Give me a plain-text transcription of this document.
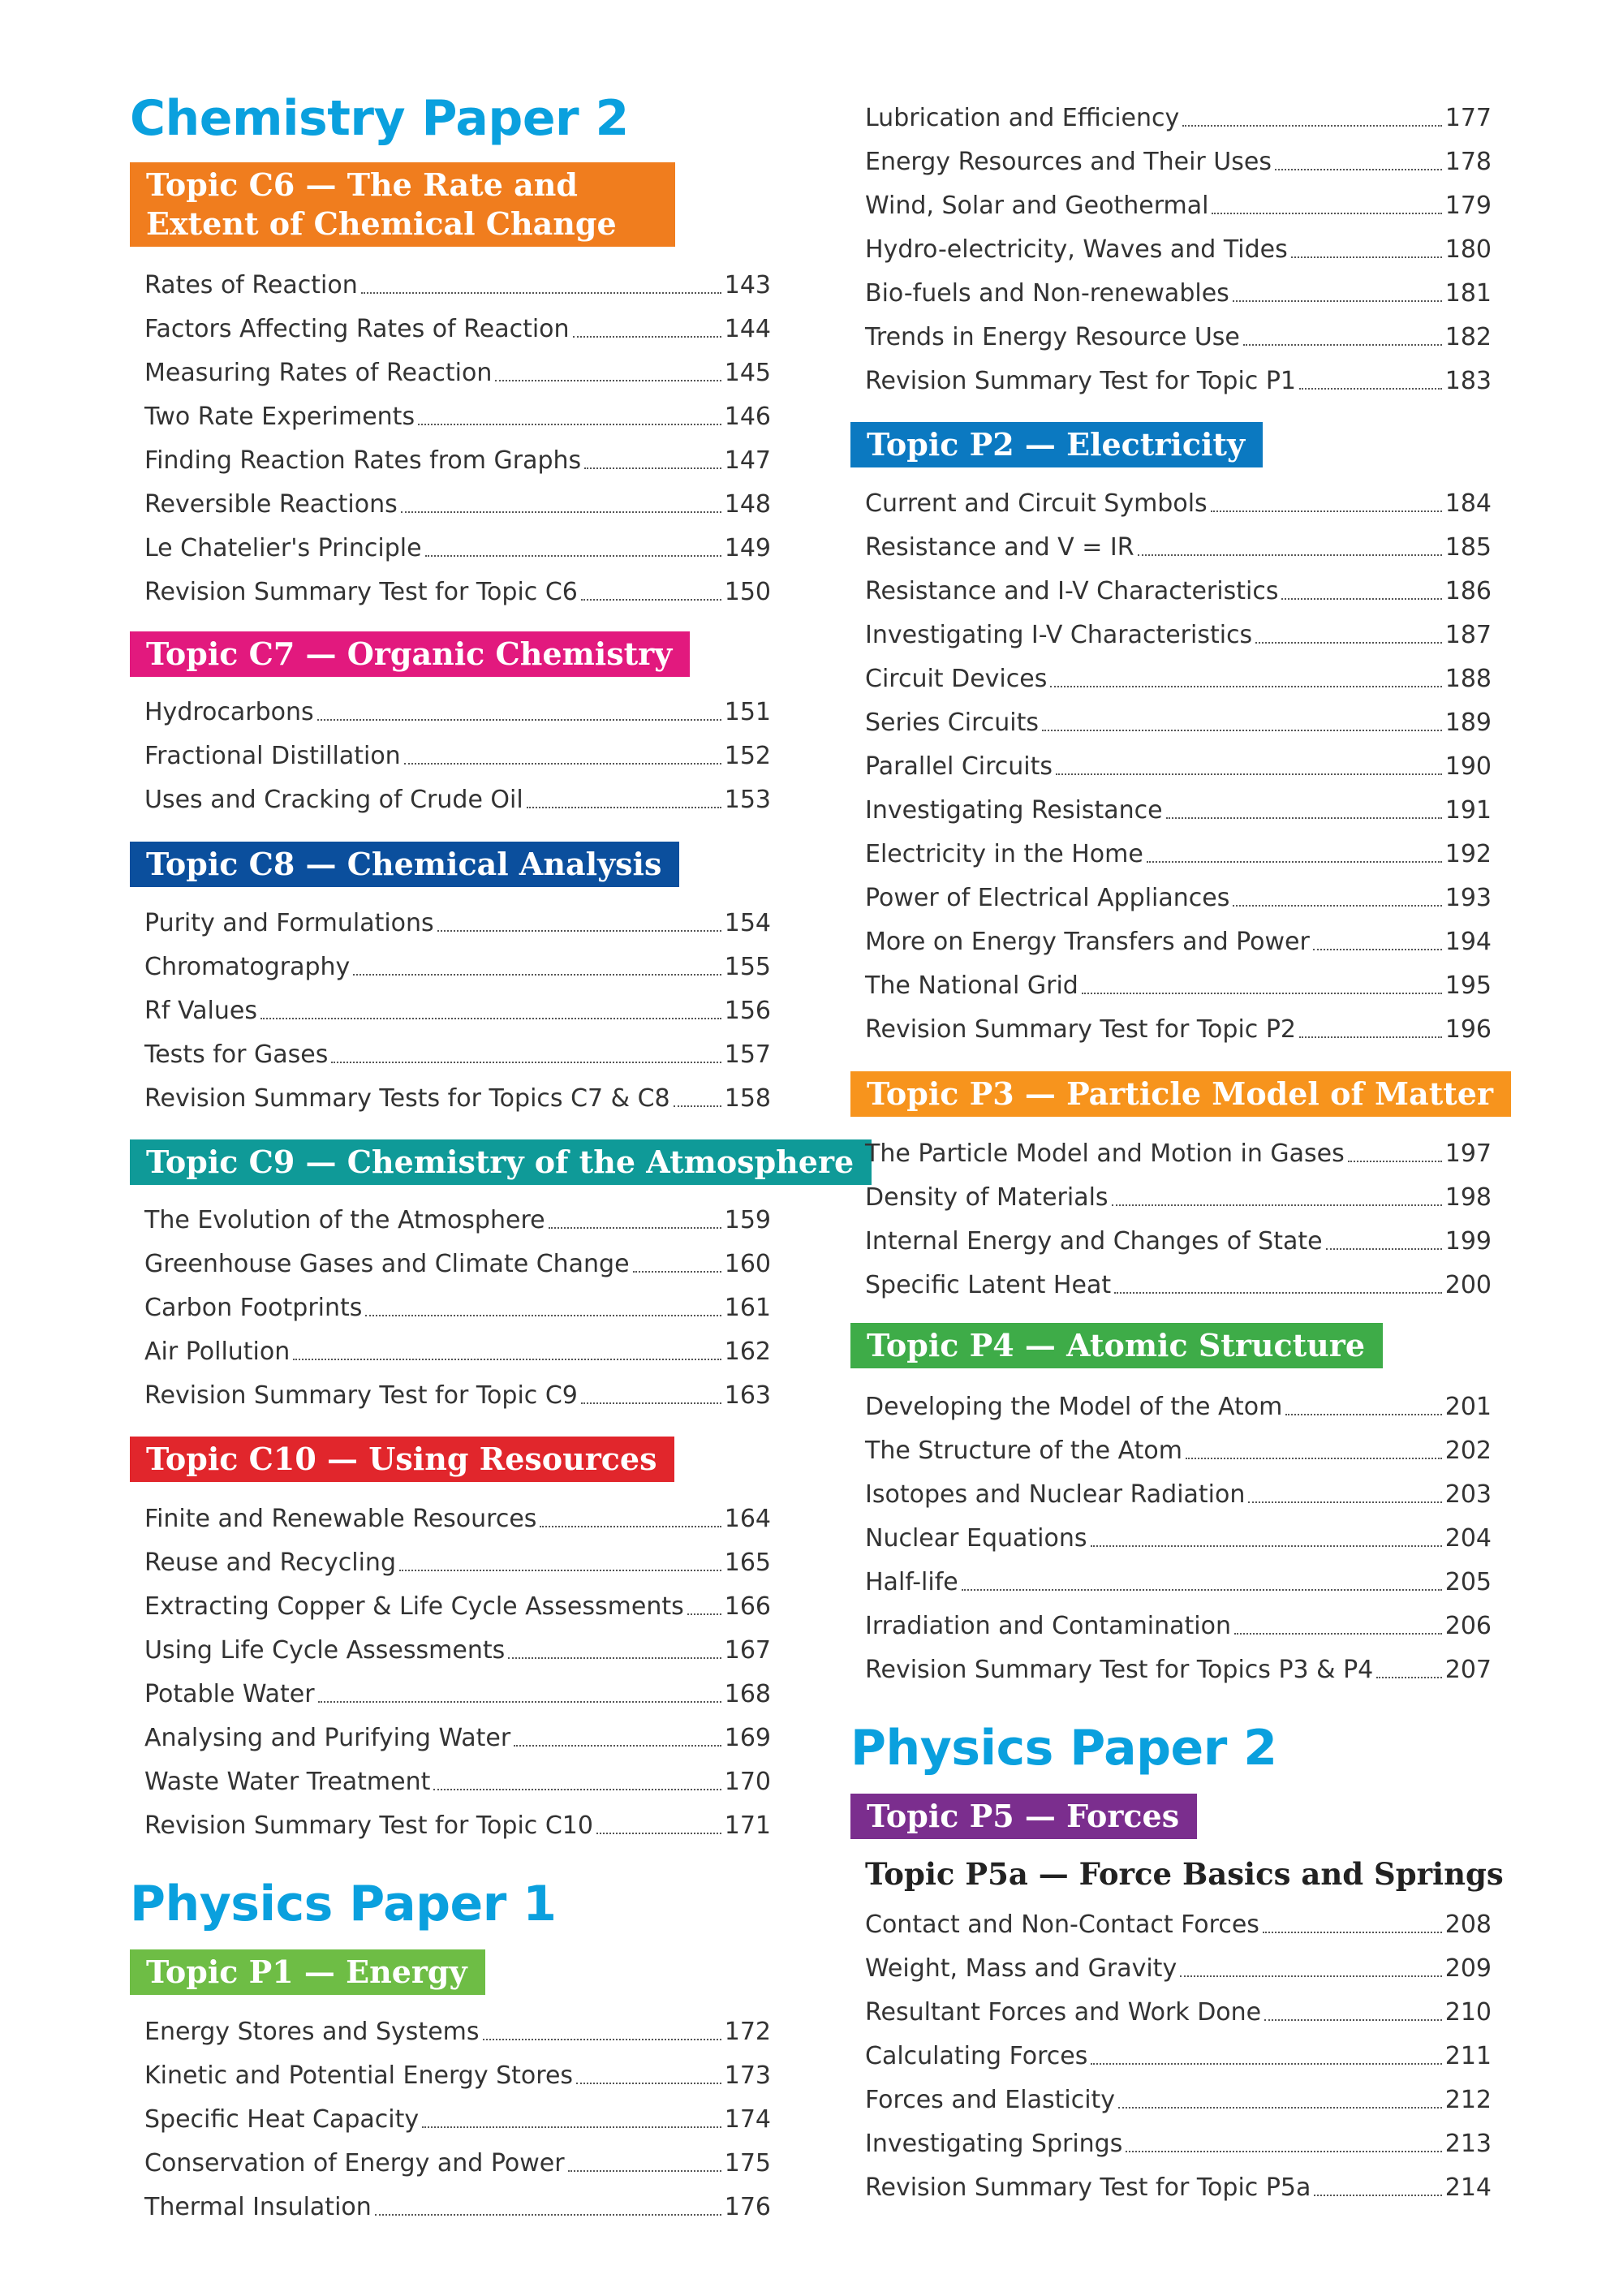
Chemistry Paper 2
Topic C6 — The Rate and Extent of Chemical Change
Rates of Reaction	143
Factors Affecting Rates of Reaction	144
Measuring Rates of Reaction	145
Two Rate Experiments	146
Finding Reaction Rates from Graphs	147
Reversible Reactions	148
Le Chatelier's Principle	149
Revision Summary Test for Topic C6	150
Topic C7 — Organic Chemistry
Hydrocarbons	151
Fractional Distillation	152
Uses and Cracking of Crude Oil	153
Topic C8 — Chemical Analysis
Purity and Formulations	154
Chromatography	155
Rf Values	156
Tests for Gases	157
Revision Summary Tests for Topics C7 & C8 158
Topic C9 — Chemistry of the Atmosphere
The Evolution of the Atmosphere	159
Greenhouse Gases and Climate Change	160
Carbon Footprints	161
Air Pollution	162
Revision Summary Test for Topic C9	163
Topic C10 — Using Resources
Finite and Renewable Resources	164
Reuse and Recycling	165
Extracting Copper & Life Cycle Assessments 166
Using Life Cycle Assessments	167
Potable Water	168
Analysing and Purifying Water	169
Waste Water Treatment	170
Revision Summary Test for Topic C10	171
Physics Paper 1
Topic P1 — Energy
Energy Stores and Systems	172
Kinetic and Potential Energy Stores	173
Specific Heat Capacity	174
Conservation of Energy and Power	175
Thermal Insulation	176
Lubrication and Efficiency	177
Energy Resources and Their Uses	178
Wind, Solar and Geothermal	179
Hydro-electricity, Waves and Tides	180
Bio-fuels and Non-renewables	181
Trends in Energy Resource Use	182
Revision Summary Test for Topic P1	183
Topic P2 — Electricity
Current and Circuit Symbols	184
Resistance and V = IR	185
Resistance and I-V Characteristics	186
Investigating I-V Characteristics	187
Circuit Devices	188
Series Circuits	189
Parallel Circuits	190
Investigating Resistance	191
Electricity in the Home	192
Power of Electrical Appliances	193
More on Energy Transfers and Power	194
The National Grid	195
Revision Summary Test for Topic P2	196
Topic P3 — Particle Model of Matter
The Particle Model and Motion in Gases	197
Density of Materials	198
Internal Energy and Changes of State	199
Specific Latent Heat	200
Topic P4 — Atomic Structure
Developing the Model of the Atom	201
The Structure of the Atom	202
Isotopes and Nuclear Radiation	203
Nuclear Equations	204
Half-life	205
Irradiation and Contamination	206
Revision Summary Test for Topics P3 & P4	207
Physics Paper 2
Topic P5 — Forces
Topic P5a — Force Basics and Springs
Contact and Non-Contact Forces	208
Weight, Mass and Gravity	209
Resultant Forces and Work Done	210
Calculating Forces	211
Forces and Elasticity	212
Investigating Springs	213
Revision Summary Test for Topic P5a	214
